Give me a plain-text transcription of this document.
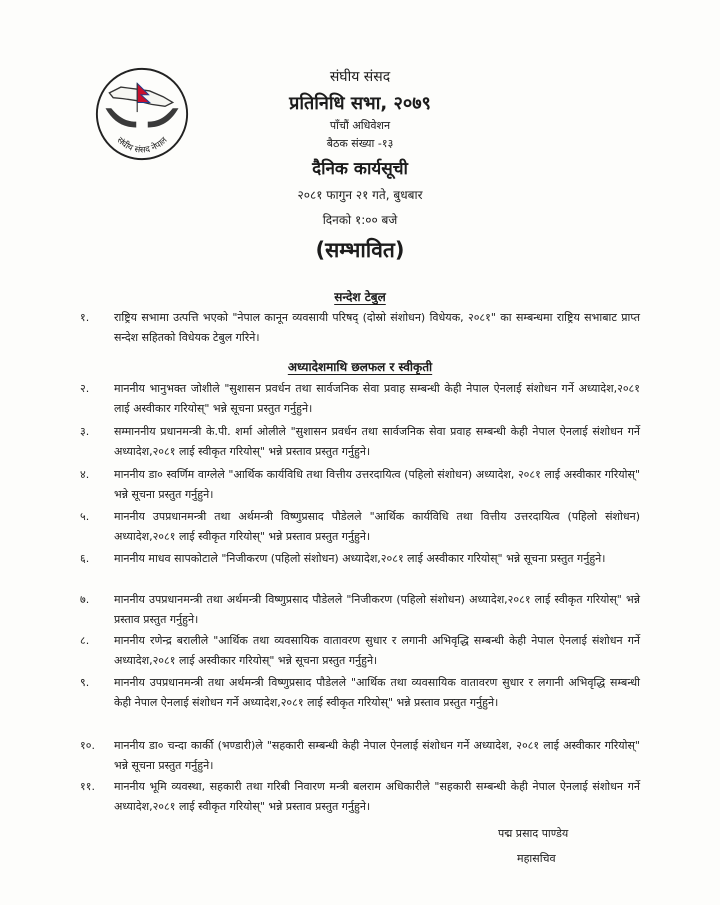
संघीय संसद नेपाल
संघीय संसद
प्रतिनिधि सभा, २०७९
पाँचौं अधिवेशन
बैठक संख्या -१३
दैनिक कार्यसूची
२०८१ फागुन २१ गते, बुधबार
दिनको १:०० बजे
(सम्भावित)
सन्देश टेबुल
१.	राष्ट्रिय सभामा उत्पत्ति भएको "नेपाल कानून व्यवसायी परिषद् (दोस्रो संशोधन) विधेयक, २०८१" का सम्बन्धमा राष्ट्रिय सभाबाट प्राप्त सन्देश सहितको विधेयक टेबुल गरिने।
अध्यादेशमाथि छलफल र स्वीकृती
२.	माननीय भानुभक्त जोशीले "सुशासन प्रवर्धन तथा सार्वजनिक सेवा प्रवाह सम्बन्धी केही नेपाल ऐनलाई संशोधन गर्ने अध्यादेश,२०८१ लाई अस्वीकार गरियोस्" भन्ने सूचना प्रस्तुत गर्नुहुने।
३.	सम्माननीय प्रधानमन्त्री के.पी. शर्मा ओलीले "सुशासन प्रवर्धन तथा सार्वजनिक सेवा प्रवाह सम्बन्धी केही नेपाल ऐनलाई संशोधन गर्ने अध्यादेश,२०८१ लाई स्वीकृत गरियोस्" भन्ने प्रस्ताव प्रस्तुत गर्नुहुने।
४.	माननीय डा० स्वर्णिम वाग्लेले "आर्थिक कार्यविधि तथा वित्तीय उत्तरदायित्व (पहिलो संशोधन) अध्यादेश, २०८१ लाई अस्वीकार गरियोस्" भन्ने सूचना प्रस्तुत गर्नुहुने।
५.	माननीय उपप्रधानमन्त्री तथा अर्थमन्त्री विष्णुप्रसाद पौडेलले "आर्थिक कार्यविधि तथा वित्तीय उत्तरदायित्व (पहिलो संशोधन) अध्यादेश,२०८१ लाई स्वीकृत गरियोस्" भन्ने प्रस्ताव प्रस्तुत गर्नुहुने।
६.	माननीय माधव सापकोटाले "निजीकरण (पहिलो संशोधन) अध्यादेश,२०८१ लाई अस्वीकार गरियोस्" भन्ने सूचना प्रस्तुत गर्नुहुने।
७.	माननीय उपप्रधानमन्त्री तथा अर्थमन्त्री विष्णुप्रसाद पौडेलले "निजीकरण (पहिलो संशोधन) अध्यादेश,२०८१ लाई स्वीकृत गरियोस्" भन्ने प्रस्ताव प्रस्तुत गर्नुहुने।
८.	माननीय रणेन्द्र बरालीले "आर्थिक तथा व्यवसायिक वातावरण सुधार र लगानी अभिवृद्धि सम्बन्धी केही नेपाल ऐनलाई संशोधन गर्ने अध्यादेश,२०८१ लाई अस्वीकार गरियोस्" भन्ने सूचना प्रस्तुत गर्नुहुने।
९.	माननीय उपप्रधानमन्त्री तथा अर्थमन्त्री विष्णुप्रसाद पौडेलले "आर्थिक तथा व्यवसायिक वातावरण सुधार र लगानी अभिवृद्धि सम्बन्धी केही नेपाल ऐनलाई संशोधन गर्ने अध्यादेश,२०८१ लाई स्वीकृत गरियोस्" भन्ने प्रस्ताव प्रस्तुत गर्नुहुने।
१०.	माननीय डा० चन्दा कार्की (भण्डारी)ले "सहकारी सम्बन्धी केही नेपाल ऐनलाई संशोधन गर्ने अध्यादेश, २०८१ लाई अस्वीकार गरियोस्" भन्ने सूचना प्रस्तुत गर्नुहुने।
११.	माननीय भूमि व्यवस्था, सहकारी तथा गरिबी निवारण मन्त्री बलराम अधिकारीले "सहकारी सम्बन्धी केही नेपाल ऐनलाई संशोधन गर्ने अध्यादेश,२०८१ लाई स्वीकृत गरियोस्" भन्ने प्रस्ताव प्रस्तुत गर्नुहुने।
पद्म प्रसाद पाण्डेय
महासचिव
